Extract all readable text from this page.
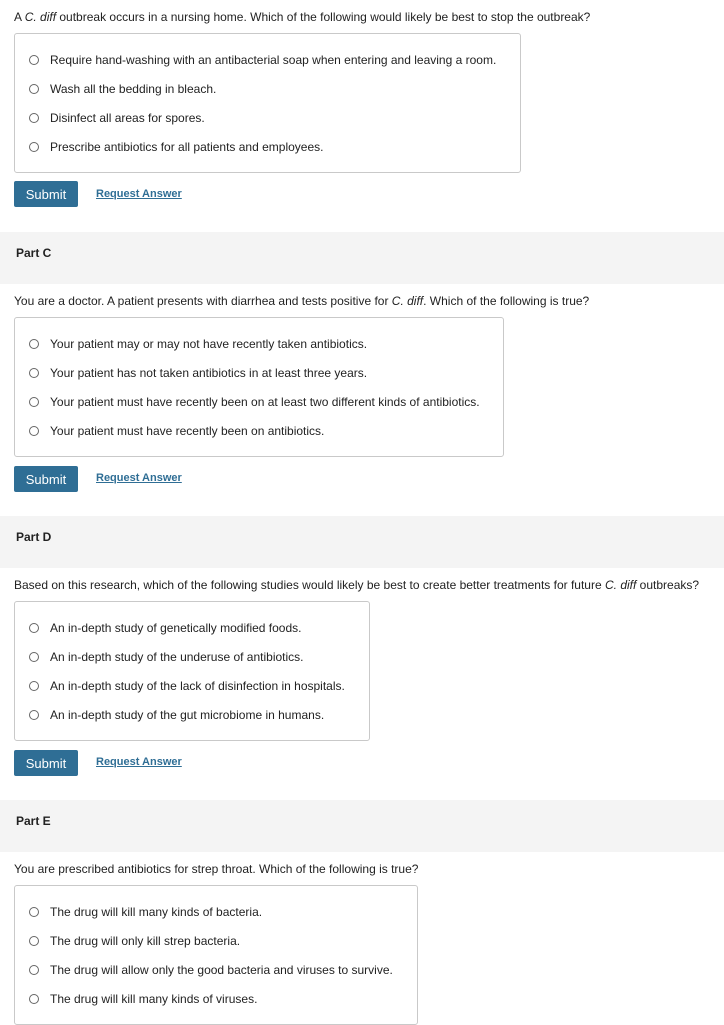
A C. diff outbreak occurs in a nursing home. Which of the following would likely be best to stop the outbreak?
Require hand-washing with an antibacterial soap when entering and leaving a room.
Wash all the bedding in bleach.
Disinfect all areas for spores.
Prescribe antibiotics for all patients and employees.
Submit	Request Answer
Part C
You are a doctor. A patient presents with diarrhea and tests positive for C. diff. Which of the following is true?
Your patient may or may not have recently taken antibiotics.
Your patient has not taken antibiotics in at least three years.
Your patient must have recently been on at least two different kinds of antibiotics.
Your patient must have recently been on antibiotics.
Submit	Request Answer
Part D
Based on this research, which of the following studies would likely be best to create better treatments for future C. diff outbreaks?
An in-depth study of genetically modified foods.
An in-depth study of the underuse of antibiotics.
An in-depth study of the lack of disinfection in hospitals.
An in-depth study of the gut microbiome in humans.
Submit	Request Answer
Part E
You are prescribed antibiotics for strep throat. Which of the following is true?
The drug will kill many kinds of bacteria.
The drug will only kill strep bacteria.
The drug will allow only the good bacteria and viruses to survive.
The drug will kill many kinds of viruses.
